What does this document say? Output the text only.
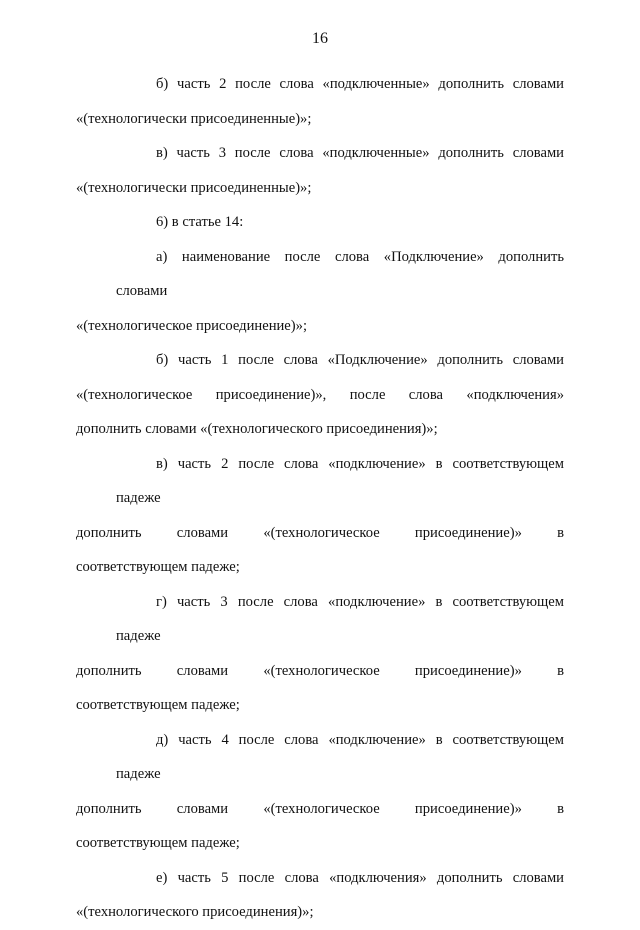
16
б) часть 2 после слова «подключенные» дополнить словами
«(технологически присоединенные)»;
в) часть 3 после слова «подключенные» дополнить словами
«(технологически присоединенные)»;
6) в статье 14:
а) наименование после слова «Подключение» дополнить словами
«(технологическое присоединение)»;
б) часть 1 после слова «Подключение» дополнить словами
«(технологическое присоединение)», после слова «подключения»
дополнить словами «(технологического присоединения)»;
в) часть 2 после слова «подключение» в соответствующем падеже
дополнить словами «(технологическое присоединение)» в
соответствующем падеже;
г) часть 3 после слова «подключение» в соответствующем падеже
дополнить словами «(технологическое присоединение)» в
соответствующем падеже;
д) часть 4 после слова «подключение» в соответствующем падеже
дополнить словами «(технологическое присоединение)» в
соответствующем падеже;
е) часть 5 после слова «подключения» дополнить словами
«(технологического присоединения)»;
